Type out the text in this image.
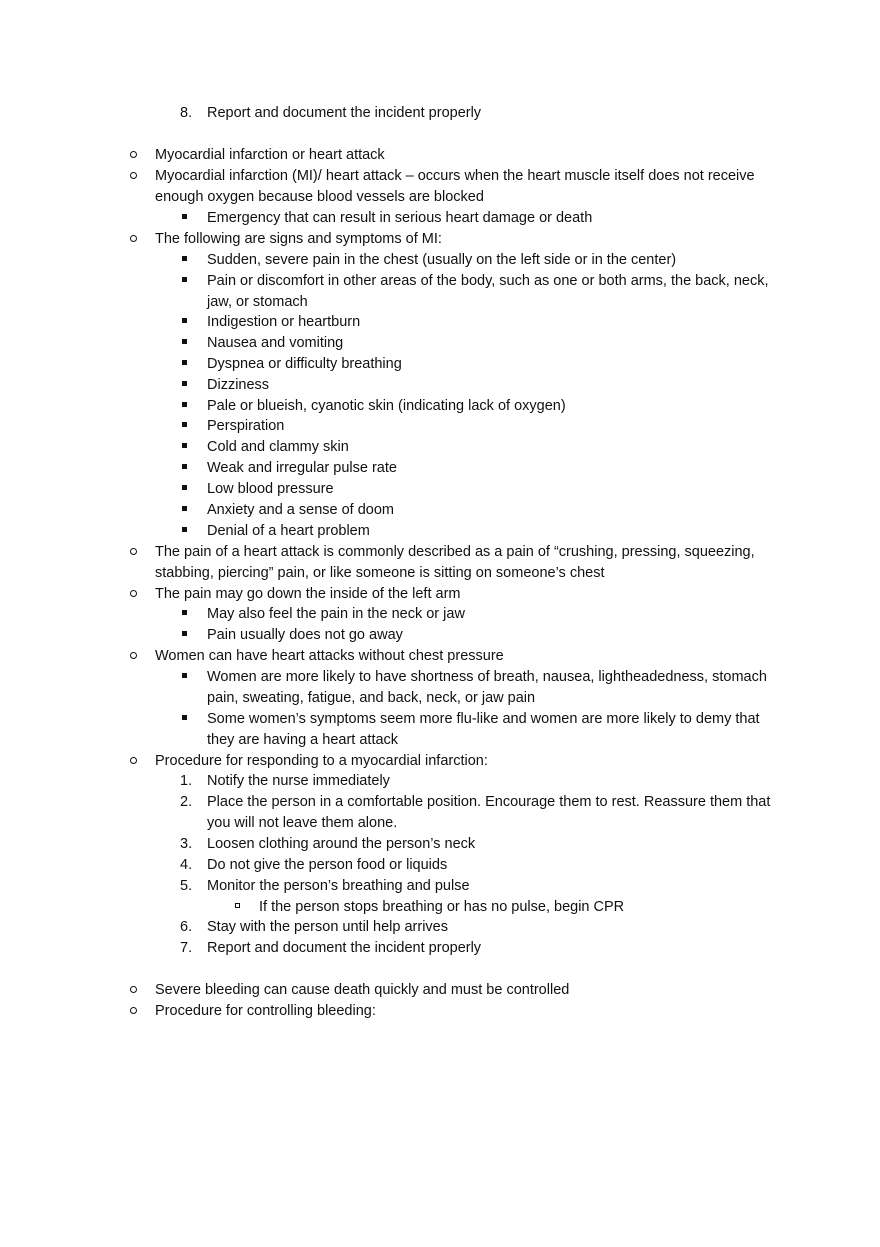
8. Report and document the incident properly
Myocardial infarction or heart attack
Myocardial infarction (MI)/ heart attack – occurs when the heart muscle itself does not receive
enough oxygen because blood vessels are blocked
Emergency that can result in serious heart damage or death
The following are signs and symptoms of MI:
Sudden, severe pain in the chest (usually on the left side or in the center)
Pain or discomfort in other areas of the body, such as one or both arms, the back, neck,
jaw, or stomach
Indigestion or heartburn
Nausea and vomiting
Dyspnea or difficulty breathing
Dizziness
Pale or blueish, cyanotic skin (indicating lack of oxygen)
Perspiration
Cold and clammy skin
Weak and irregular pulse rate
Low blood pressure
Anxiety and a sense of doom
Denial of a heart problem
The pain of a heart attack is commonly described as a pain of “crushing, pressing, squeezing,
stabbing, piercing” pain, or like someone is sitting on someone’s chest
The pain may go down the inside of the left arm
May also feel the pain in the neck or jaw
Pain usually does not go away
Women can have heart attacks without chest pressure
Women are more likely to have shortness of breath, nausea, lightheadedness, stomach
pain, sweating, fatigue, and back, neck, or jaw pain
Some women’s symptoms seem more flu-like and women are more likely to demy that
they are having a heart attack
Procedure for responding to a myocardial infarction:
1. Notify the nurse immediately
2. Place the person in a comfortable position. Encourage them to rest. Reassure them that
you will not leave them alone.
3. Loosen clothing around the person’s neck
4. Do not give the person food or liquids
5. Monitor the person’s breathing and pulse
If the person stops breathing or has no pulse, begin CPR
6. Stay with the person until help arrives
7. Report and document the incident properly
Severe bleeding can cause death quickly and must be controlled
Procedure for controlling bleeding:
